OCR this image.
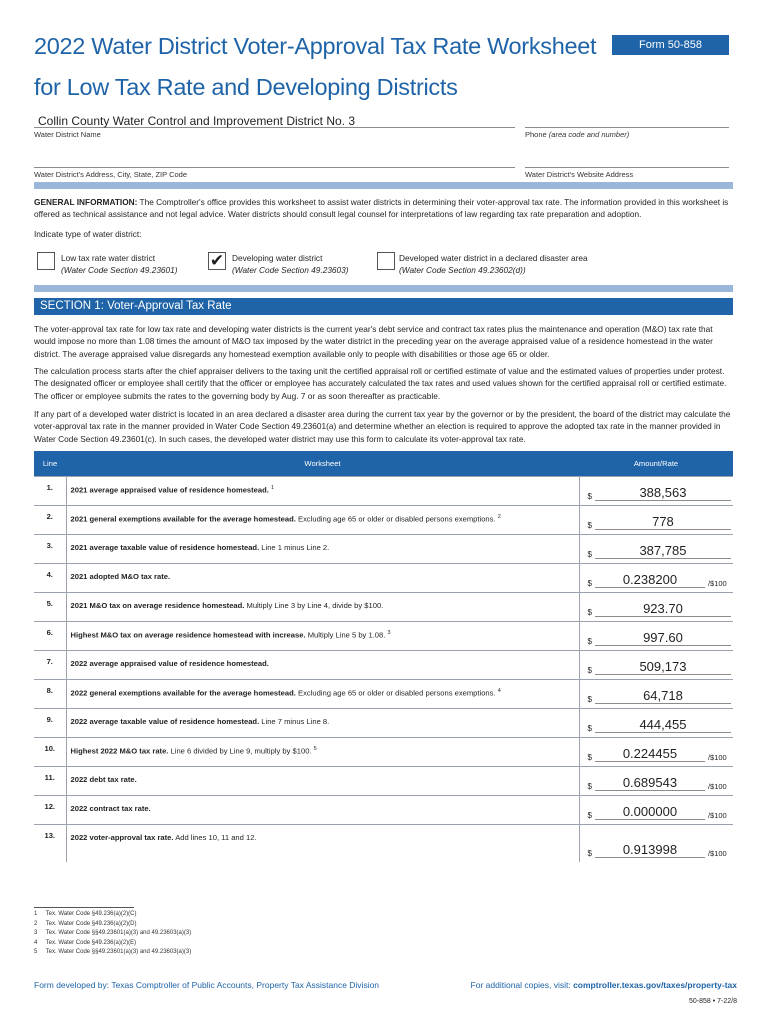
2022 Water District Voter-Approval Tax Rate Worksheet
for Low Tax Rate and Developing Districts
Form 50-858
Collin County Water Control and Improvement District No. 3
Water District Name	Phone (area code and number)
Water District's Address, City, State, ZIP Code	Water District's Website Address
GENERAL INFORMATION: The Comptroller's office provides this worksheet to assist water districts in determining their voter-approval tax rate. The information provided in this worksheet is offered as technical assistance and not legal advice. Water districts should consult legal counsel for interpretations of law regarding tax rate preparation and adoption.
Indicate type of water district:
Low tax rate water district
(Water Code Section 49.23601) ✔ Developing water district
(Water Code Section 49.23603)
Developed water district in a declared disaster area
(Water Code Section 49.23602(d))
SECTION 1: Voter-Approval Tax Rate
The voter-approval tax rate for low tax rate and developing water districts is the current year's debt service and contract tax rates plus the maintenance and operation (M&O) tax rate that would impose no more than 1.08 times the amount of M&O tax imposed by the water district in the preceding year on the average appraised value of a residence homestead in the water district. The average appraised value disregards any homestead exemption available only to people with disabilities or those age 65 or older.
The calculation process starts after the chief appraiser delivers to the taxing unit the certified appraisal roll or certified estimate of value and the estimated values of properties under protest. The designated officer or employee shall certify that the officer or employee has accurately calculated the tax rates and used values shown for the certified appraisal roll or certified estimate. The officer or employee submits the rates to the governing body by Aug. 7 or as soon thereafter as practicable.
If any part of a developed water district is located in an area declared a disaster area during the current tax year by the governor or by the president, the board of the district may calculate the voter-approval tax rate in the manner provided in Water Code Section 49.23601(a) and determine whether an election is required to approve the adopted tax rate in the manner provided in Water Code Section 49.23601(c). In such cases, the developed water district may use this form to calculate its voter-approval tax rate.
Line	Worksheet	Amount/Rate
1.	2021 average appraised value of residence homestead. $^1$	$ 388,563

2.	2021 general exemptions available for the average homestead. Excluding age 65 or older or disabled persons exemptions. $^2$	$ 778

3.	2021 average taxable value of residence homestead. Line 1 minus Line 2.	$ 387,785

4.	2021 adopted M&O tax rate.	$ 0.238200 /$100

5.	2021 M&O tax on average residence homestead. Multiply Line 3 by Line 4, divide by $100.	$ 923.70

6.	Highest M&O tax on average residence homestead with increase. Multiply Line 5 by 1.08. $^3$	$ 997.60

7.	2022 average appraised value of residence homestead.	$ 509,173

8.	2022 general exemptions available for the average homestead. Excluding age 65 or older or disabled persons exemptions. $^4$	$ 64,718

9.	2022 average taxable value of residence homestead. Line 7 minus Line 8.	$ 444,455

10.	Highest 2022 M&O tax rate. Line 6 divided by Line 9, multiply by $100. $^5$	$ 0.224455 /$100

11.	2022 debt tax rate.	$ 0.689543 /$100

12.	2022 contract tax rate.	$ 0.000000 /$100

13.	2022 voter-approval tax rate. Add lines 10, 11 and 12.	$ 0.913998 /$100
1 Tex. Water Code §49.236(a)(2)(C)
2 Tex. Water Code §49.236(a)(2)(D)
3 Tex. Water Code §§49.23601(a)(3) and 49.23603(a)(3)
4 Tex. Water Code §49.236(a)(2)(E)
5 Tex. Water Code §§49.23601(a)(3) and 49.23603(a)(3)
Form developed by: Texas Comptroller of Public Accounts, Property Tax Assistance Division	For additional copies, visit: comptroller.texas.gov/taxes/property-tax
50-858 • 7-22/8
